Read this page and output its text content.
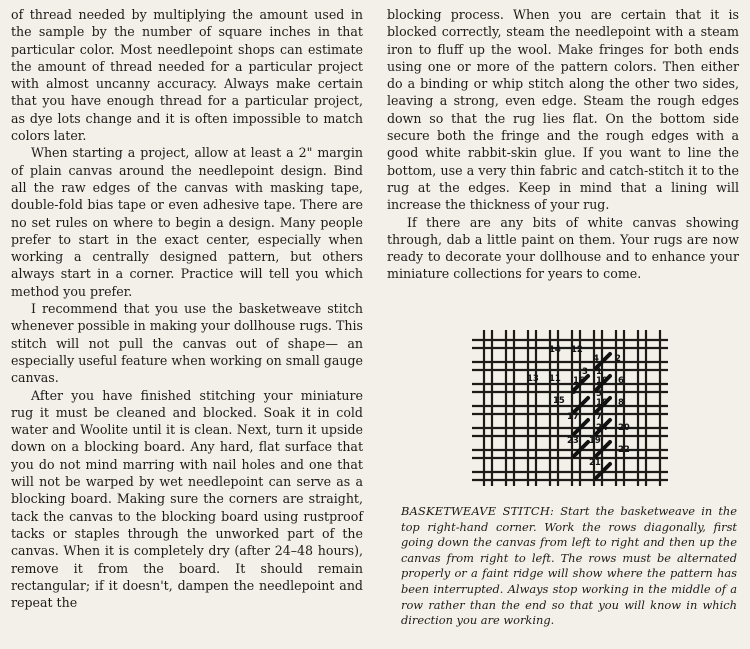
of thread needed by multiplying the amount used in the sample by the number of square inches in that particular color. Most needlepoint shops can estimate the amount of thread needed for a particular project with almost uncanny accuracy. Always make certain that you have enough thread for a particular project, as dye lots change and it is often impossible to match colors later.

When starting a project, allow at least a 2" margin of plain canvas around the needlepoint design. Bind all the raw edges of the canvas with masking tape, double-fold bias tape or even adhesive tape. There are no set rules on where to begin a design. Many people prefer to start in the exact center, especially when working a centrally designed pattern, but others always start in a corner. Practice will tell you which method you prefer.

I recommend that you use the basketweave stitch whenever possible in making your dollhouse rugs. This stitch will not pull the canvas out of shape— an especially useful feature when working on small gauge canvas.

After you have finished stitching your miniature rug it must be cleaned and blocked. Soak it in cold water and Woolite until it is clean. Next, turn it upside down on a blocking board. Any hard, flat surface that you do not mind marring with nail holes and one that will not be warped by wet needlepoint can serve as a blocking board. Making sure the corners are straight, tack the canvas to the blocking board using rustproof tacks or staples through the unworked part of the canvas. When it is completely dry (after 24–48 hours), remove it from the board. It should remain rectangular; if it doesn't, dampen the needlepoint and repeat the

blocking process. When you are certain that it is blocked correctly, steam the needlepoint with a steam iron to fluff up the wool. Make fringes for both ends using one or more of the pattern colors. Then either do a binding or whip stitch along the other two sides, leaving a strong, even edge. Steam the rough edges down so that the rug lies flat. On the bottom side secure both the fringe and the rough edges with a good white rabbit-skin glue. If you want to line the bottom, use a very thin fabric and catch-stitch it to the rug at the edges. Keep in mind that a lining will increase the thickness of your rug.

If there are any bits of white canvas showing through, dab a little paint on them. Your rugs are now ready to decorate your dollhouse and to enhance your miniature collections for years to come.

14 12
4 2
3 1
13 11 16 10 6
9
15
5
18 8
17 7
24 20
23 19
22
21
BASKETWEAVE STITCH: Start the basketweave in the top right-hand corner. Work the rows diagonally, first going down the canvas from left to right and then up the canvas from right to left. The rows must be alternated properly or a faint ridge will show where the pattern has been interrupted. Always stop working in the middle of a row rather than the end so that you will know in which direction you are working.
